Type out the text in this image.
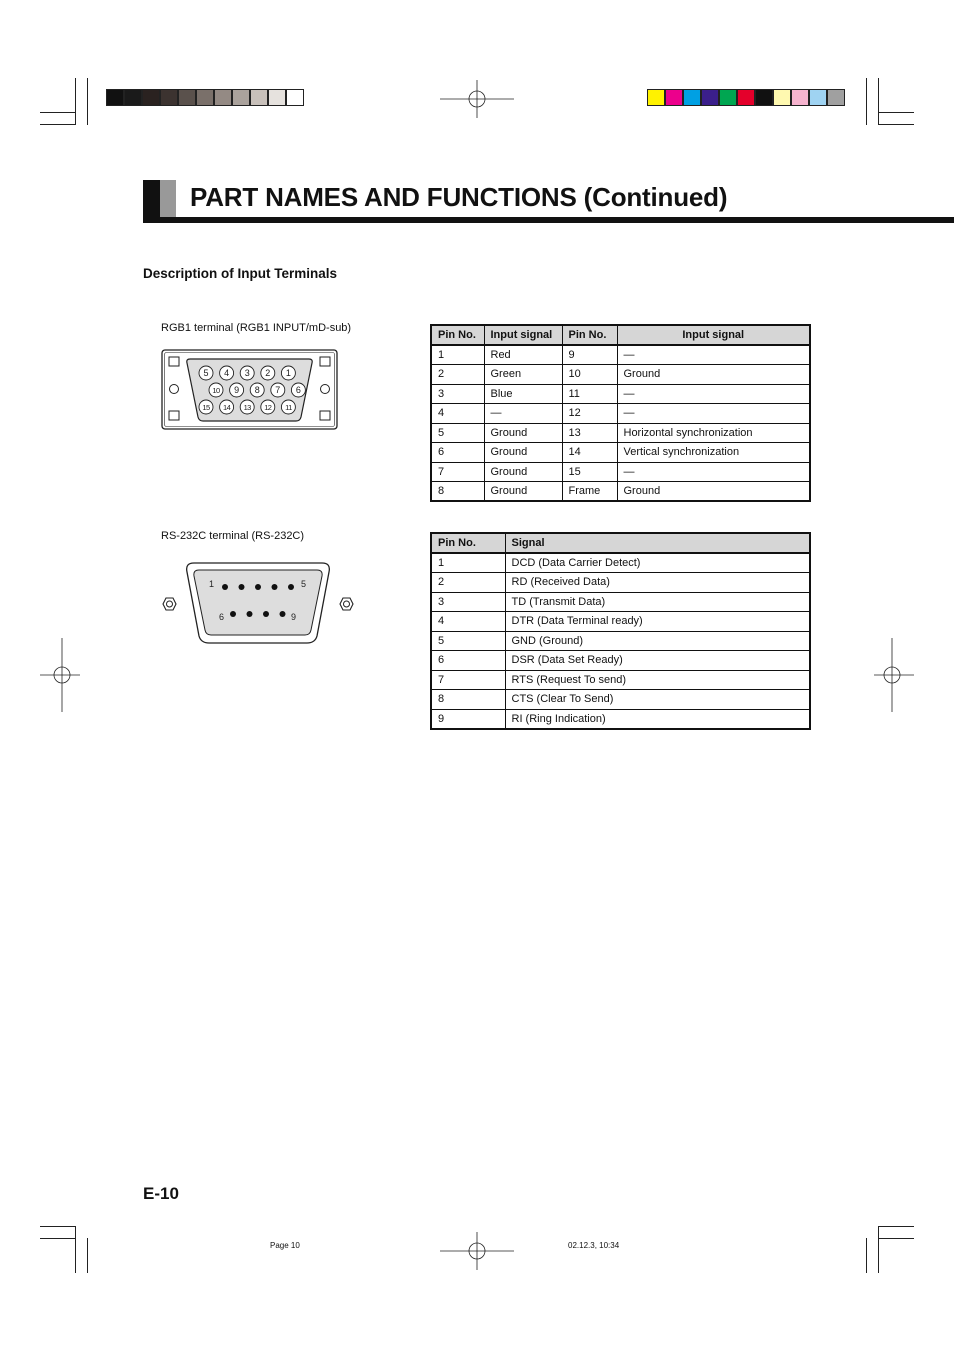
PART NAMES AND FUNCTIONS (Continued)
Description of Input Terminals
RGB1 terminal (RGB1 INPUT/mD-sub)
5 4 3 2 1
10 9 8 7 6
15 14 13 12 11
Pin No.	Input signal	Pin No.	Input signal
1	Red	9	—
2	Green	10	Ground
3	Blue	11	—
4	—	12	—
5	Ground	13	Horizontal synchronization
6	Ground	14	Vertical synchronization
7	Ground	15	—
8	Ground	Frame	Ground
RS-232C terminal (RS-232C)
1	5
6	9
Pin No.	Signal
1	DCD (Data Carrier Detect)
2	RD (Received Data)
3	TD (Transmit Data)
4	DTR (Data Terminal ready)
5	GND (Ground)
6	DSR (Data Set Ready)
7	RTS (Request To send)
8	CTS (Clear To Send)
9	RI (Ring Indication)
E-10
Page 10	02.12.3, 10:34
